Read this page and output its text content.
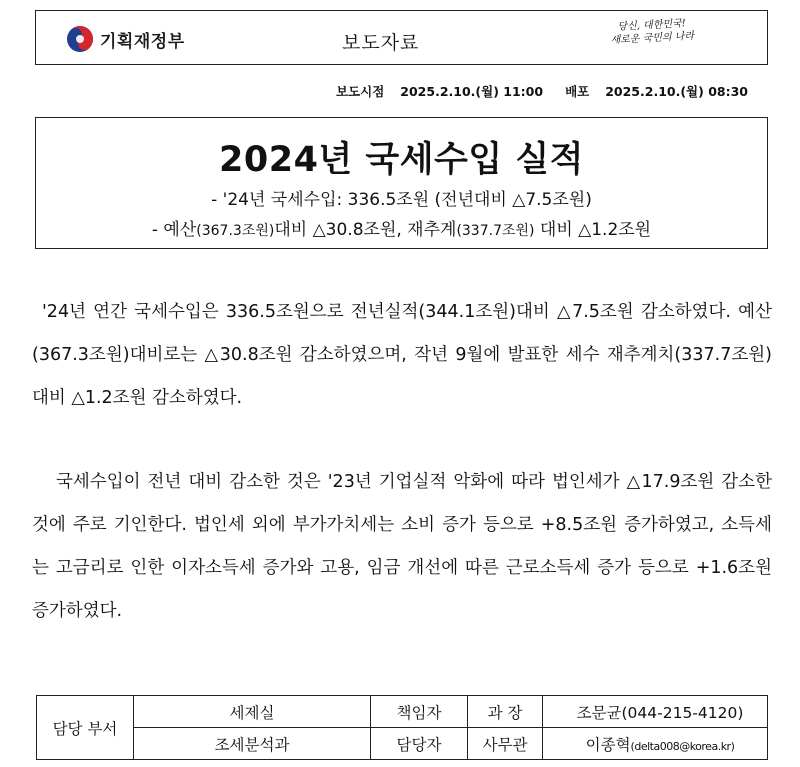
기획재정부	보도자료
당신, 대한민국!
새로운 국민의 나라
보도시점 2025.2.10.(월) 11:00 배포 2025.2.10.(월) 08:30
2024년 국세수입 실적
- '24년 국세수입: 336.5조원 (전년대비 △7.5조원)
- 예산(367.3조원)대비 △30.8조원, 재추계(337.7조원) 대비 △1.2조원

'24년 연간 국세수입은 336.5조원으로 전년실적(344.1조원)대비 △7.5조원 감소하였다. 예산(367.3조원)대비로는 △30.8조원 감소하였으며, 작년 9월에 발표한 세수 재추계치(337.7조원) 대비 △1.2조원 감소하였다.

국세수입이 전년 대비 감소한 것은 '23년 기업실적 악화에 따라 법인세가 △17.9조원 감소한 것에 주로 기인한다. 법인세 외에 부가가치세는 소비 증가 등으로 +8.5조원 증가하였고, 소득세는 고금리로 인한 이자소득세 증가와 고용, 임금 개선에 따른 근로소득세 증가 등으로 +1.6조원 증가하였다.

담당 부서	세제실	책임자	과 장	조문균(044-215-4120)
	조세분석과	담당자	사무관	이종혁(delta008@korea.kr)
